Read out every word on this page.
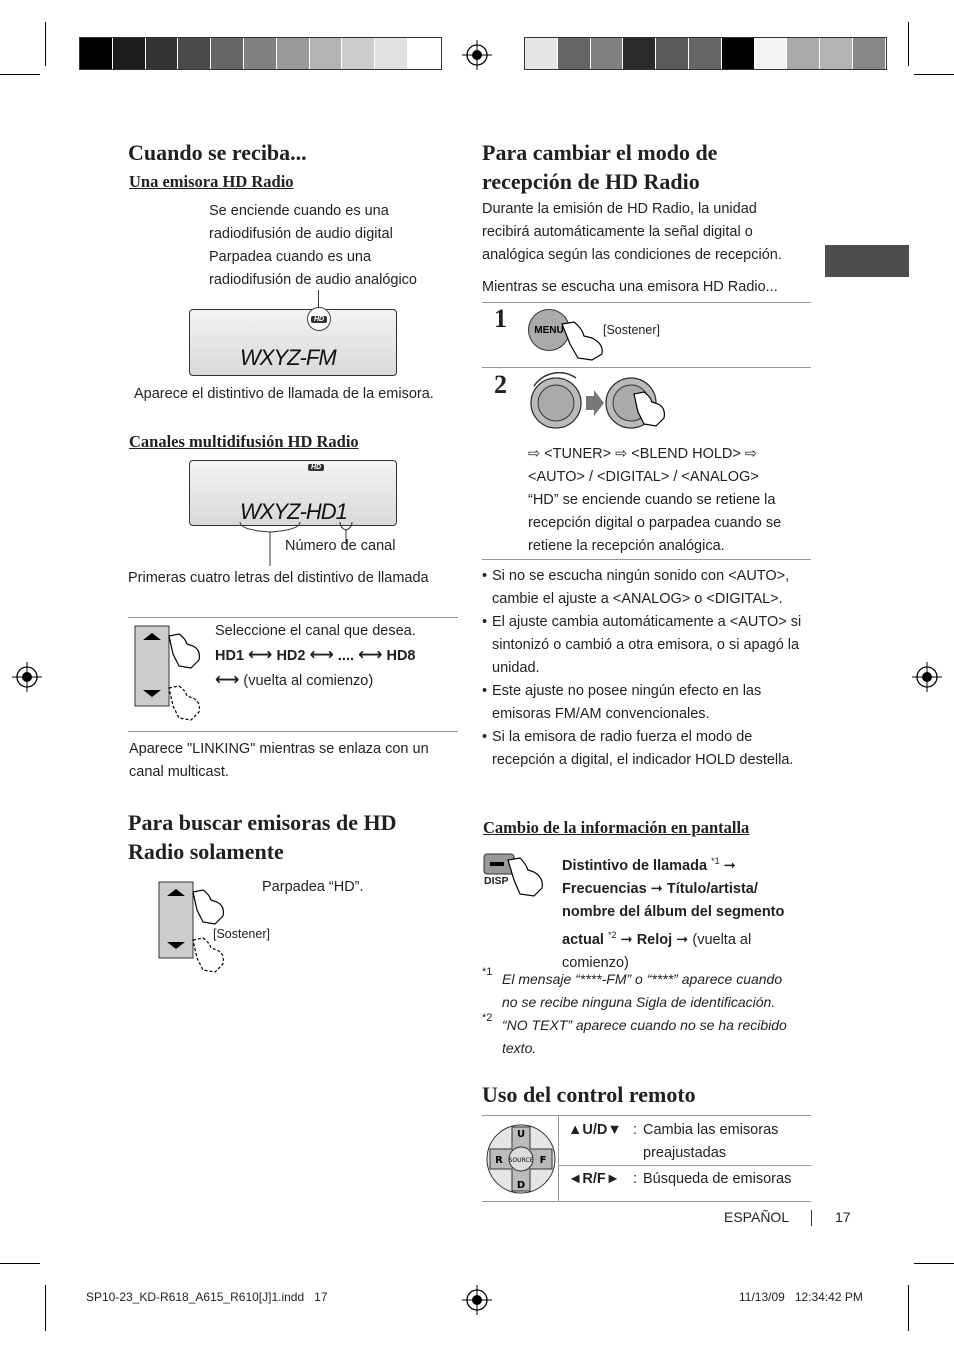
Cuando se reciba...
Una emisora HD Radio
Se enciende cuando es una
radiodifusión de audio digital
Parpadea cuando es una
radiodifusión de audio analógico
HD
WXYZ-FM
Aparece el distintivo de llamada de la emisora.
Canales multidifusión HD Radio
HD
WXYZ-HD1
Número de canal
Primeras cuatro letras del distintivo de llamada
Seleccione el canal que desea.
HD1 ⟷ HD2 ⟷ .... ⟷ HD8
⟷ (vuelta al comienzo)
Aparece "LINKING" mientras se enlaza con un canal multicast.
Para buscar emisoras de HD
Radio solamente
Parpadea “HD”.
[Sostener]
Para cambiar el modo de
recepción de HD Radio
Durante la emisión de HD Radio, la unidad
recibirá automáticamente la señal digital o
analógica según las condiciones de recepción.
Mientras se escucha una emisora HD Radio...
1	MENU	[Sostener]
2
⇨ <TUNER> ⇨ <BLEND HOLD> ⇨
<AUTO> / <DIGITAL> / <ANALOG>
“HD” se enciende cuando se retiene la
recepción digital o parpadea cuando se
retiene la recepción analógica.
• Si no se escucha ningún sonido con <AUTO>, cambie el ajuste a <ANALOG> o <DIGITAL>.
• El ajuste cambia automáticamente a <AUTO> si sintonizó o cambió a otra emisora, o si apagó la unidad.
• Este ajuste no posee ningún efecto en las emisoras FM/AM convencionales.
• Si la emisora de radio fuerza el modo de recepción a digital, el indicador HOLD destella.
Cambio de la información en pantalla
DISP
Distintivo de llamada $^{*1}$ ➞
Frecuencias ➞ Título/artista/
nombre del álbum del segmento
actual $^{*2}$ ➞ Reloj ➞ (vuelta al
comienzo)
*1 El mensaje “****-FM” o “****” aparece cuando
no se recibe ninguna Sigla de identificación.
*2 “NO TEXT” aparece cuando no se ha recibido
texto.
Uso del control remoto
U
D
R	F
SOURCE
▲U/D▼ : Cambia las emisoras
preajustadas
◄R/F► : Búsqueda de emisoras
ESPAÑOL	17
SP10-23_KD-R618_A615_R610[J]1.indd   17	11/13/09   12:34:42 PM
